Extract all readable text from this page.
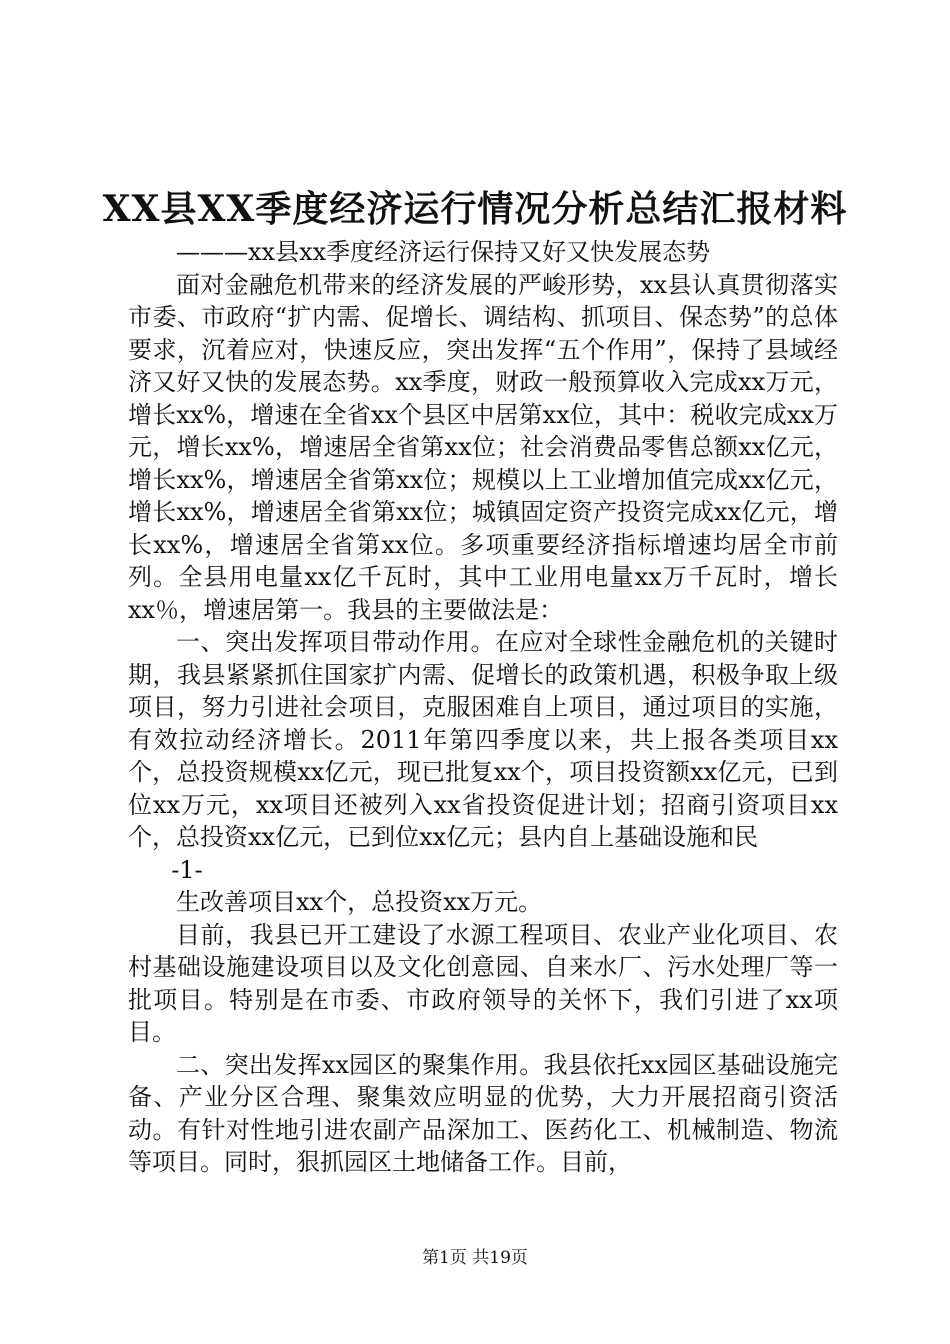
XX县XX季度经济运行情况分析总结汇报材料

———xx县xx季度经济运行保持又好又快发展态势

面对金融危机带来的经济发展的严峻形势，xx县认真贯彻落实市委、市政府“扩内需、促增长、调结构、抓项目、保态势”的总体要求，沉着应对，快速反应，突出发挥“五个作用”，保持了县域经济又好又快的发展态势。xx季度，财政一般预算收入完成xx万元，增长xx%，增速在全省xx个县区中居第xx位，其中：税收完成xx万元，增长xx%，增速居全省第xx位；社会消费品零售总额xx亿元，增长xx%，增速居全省第xx位；规模以上工业增加值完成xx亿元，增长xx%，增速居全省第xx位；城镇固定资产投资完成xx亿元，增长xx%，增速居全省第xx位。多项重要经济指标增速均居全市前列。全县用电量xx亿千瓦时，其中工业用电量xx万千瓦时，增长xx％，增速居第一。我县的主要做法是：

一、突出发挥项目带动作用。在应对全球性金融危机的关键时期，我县紧紧抓住国家扩内需、促增长的政策机遇，积极争取上级项目，努力引进社会项目，克服困难自上项目，通过项目的实施，有效拉动经济增长。2011年第四季度以来，共上报各类项目xx个，总投资规模xx亿元，现已批复xx个，项目投资额xx亿元，已到位xx万元，xx项目还被列入xx省投资促进计划；招商引资项目xx个，总投资xx亿元，已到位xx亿元；县内自上基础设施和民

-1-

生改善项目xx个，总投资xx万元。

目前，我县已开工建设了水源工程项目、农业产业化项目、农村基础设施建设项目以及文化创意园、自来水厂、污水处理厂等一批项目。特别是在市委、市政府领导的关怀下，我们引进了xx项目。

二、突出发挥xx园区的聚集作用。我县依托xx园区基础设施完备、产业分区合理、聚集效应明显的优势，大力开展招商引资活动。有针对性地引进农副产品深加工、医药化工、机械制造、物流等项目。同时，狠抓园区土地储备工作。目前，

第1页 共19页
